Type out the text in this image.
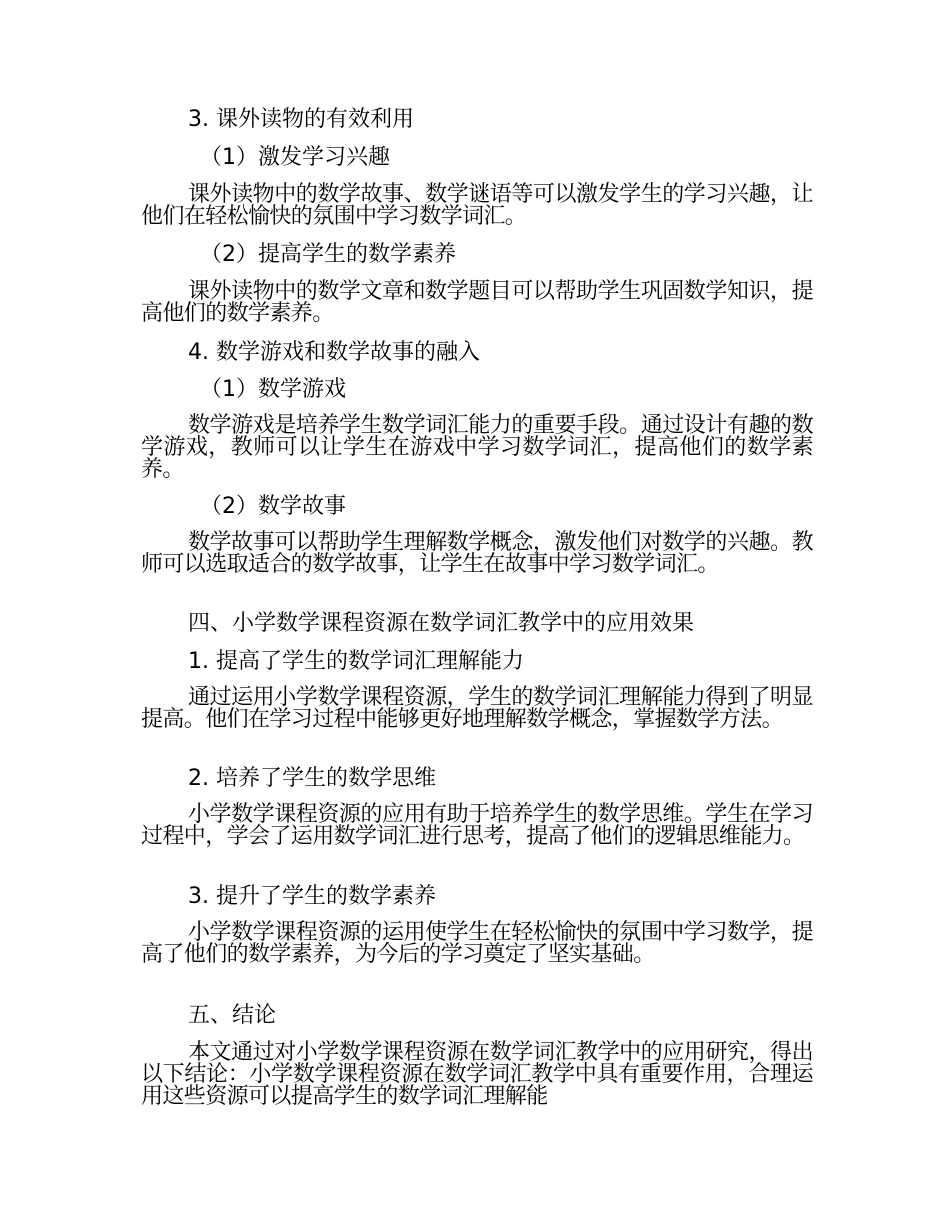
3. 课外读物的有效利用

（1）激发学习兴趣

课外读物中的数学故事、数学谜语等可以激发学生的学习兴趣，让他们在轻松愉快的氛围中学习数学词汇。

（2）提高学生的数学素养

课外读物中的数学文章和数学题目可以帮助学生巩固数学知识，提高他们的数学素养。

4. 数学游戏和数学故事的融入

（1）数学游戏

数学游戏是培养学生数学词汇能力的重要手段。通过设计有趣的数学游戏，教师可以让学生在游戏中学习数学词汇，提高他们的数学素养。

（2）数学故事

数学故事可以帮助学生理解数学概念，激发他们对数学的兴趣。教师可以选取适合的数学故事，让学生在故事中学习数学词汇。

四、小学数学课程资源在数学词汇教学中的应用效果

1. 提高了学生的数学词汇理解能力

通过运用小学数学课程资源，学生的数学词汇理解能力得到了明显提高。他们在学习过程中能够更好地理解数学概念，掌握数学方法。

2. 培养了学生的数学思维

小学数学课程资源的应用有助于培养学生的数学思维。学生在学习过程中，学会了运用数学词汇进行思考，提高了他们的逻辑思维能力。

3. 提升了学生的数学素养

小学数学课程资源的运用使学生在轻松愉快的氛围中学习数学，提高了他们的数学素养，为今后的学习奠定了坚实基础。

五、结论

本文通过对小学数学课程资源在数学词汇教学中的应用研究，得出以下结论：小学数学课程资源在数学词汇教学中具有重要作用，合理运用这些资源可以提高学生的数学词汇理解能
